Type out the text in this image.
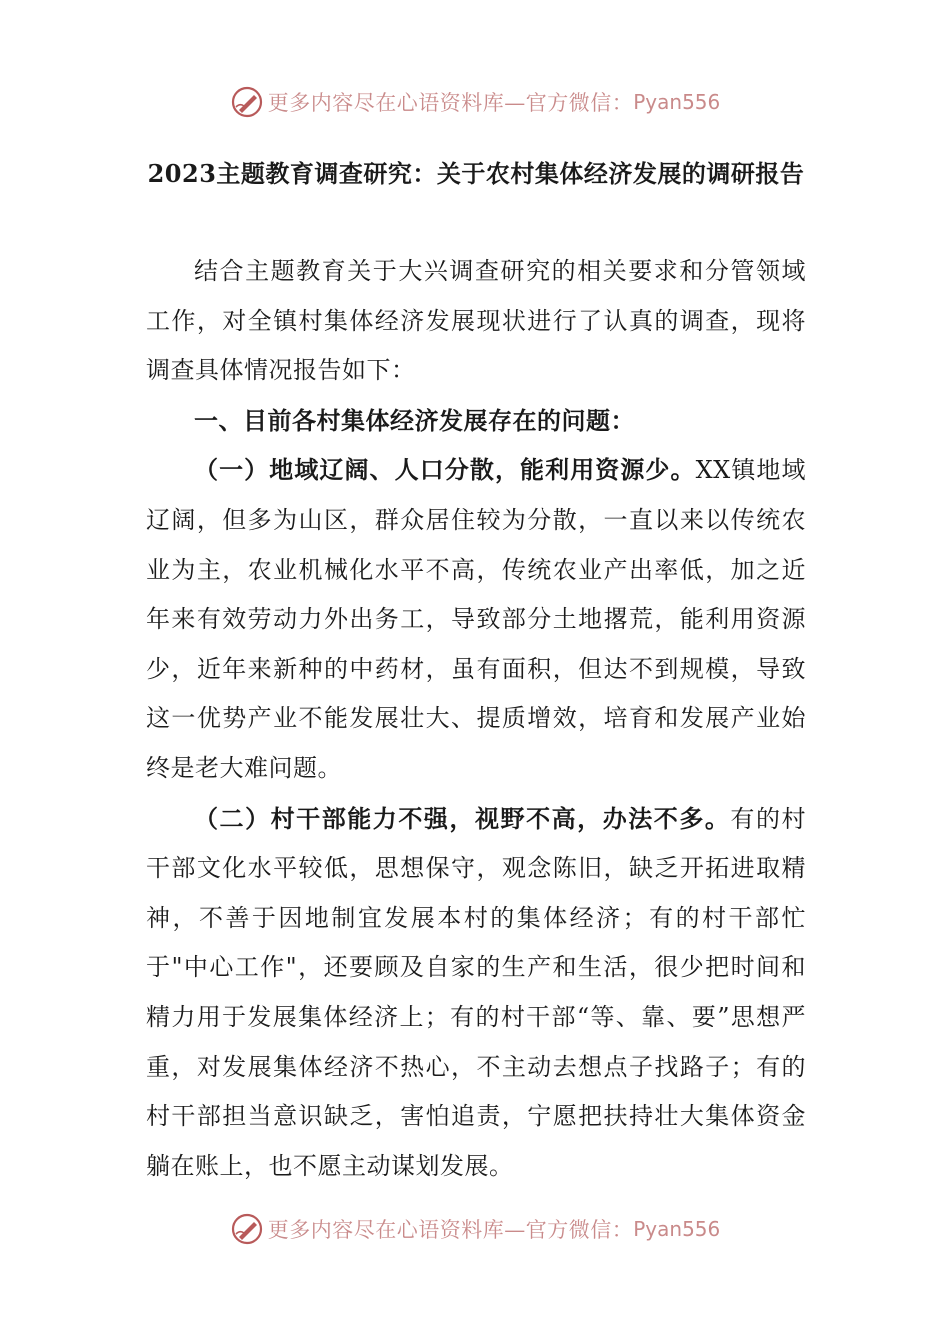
更多内容尽在心语资料库—官方微信： Pyan556
2023主题教育调查研究：关于农村集体经济发展的调研报告

结合主题教育关于大兴调查研究的相关要求和分管领域工作，对全镇村集体经济发展现状进行了认真的调查，现将调查具体情况报告如下：

一、目前各村集体经济发展存在的问题：

（一）地域辽阔、人口分散，能利用资源少。XX镇地域辽阔，但多为山区，群众居住较为分散，一直以来以传统农业为主，农业机械化水平不高，传统农业产出率低，加之近年来有效劳动力外出务工，导致部分土地撂荒，能利用资源少，近年来新种的中药材，虽有面积，但达不到规模，导致这一优势产业不能发展壮大、提质增效，培育和发展产业始终是老大难问题。

（二）村干部能力不强，视野不高，办法不多。有的村干部文化水平较低，思想保守，观念陈旧，缺乏开拓进取精神，不善于因地制宜发展本村的集体经济；有的村干部忙于"中心工作"，还要顾及自家的生产和生活，很少把时间和精力用于发展集体经济上；有的村干部“等、靠、要”思想严重，对发展集体经济不热心，不主动去想点子找路子；有的村干部担当意识缺乏，害怕追责，宁愿把扶持壮大集体资金躺在账上，也不愿主动谋划发展。

更多内容尽在心语资料库—官方微信： Pyan556
